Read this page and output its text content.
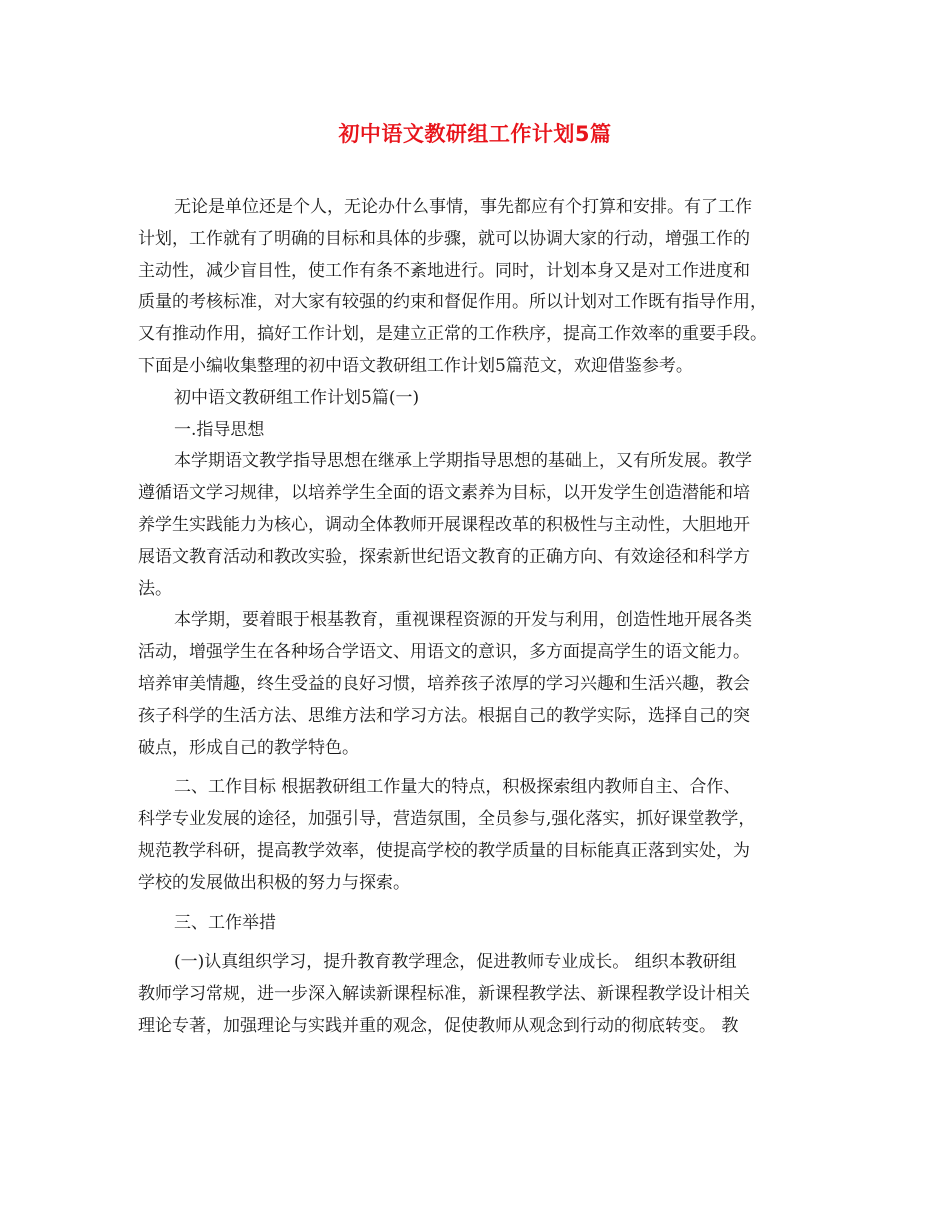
初中语文教研组工作计划5篇
无论是单位还是个人，无论办什么事情，事先都应有个打算和安排。有了工作
计划，工作就有了明确的目标和具体的步骤，就可以协调大家的行动，增强工作的
主动性，减少盲目性，使工作有条不紊地进行。同时，计划本身又是对工作进度和
质量的考核标准，对大家有较强的约束和督促作用。所以计划对工作既有指导作用，
又有推动作用，搞好工作计划，是建立正常的工作秩序，提高工作效率的重要手段。
下面是小编收集整理的初中语文教研组工作计划5篇范文，欢迎借鉴参考。
初中语文教研组工作计划5篇(一)
一.指导思想
本学期语文教学指导思想在继承上学期指导思想的基础上，又有所发展。教学
遵循语文学习规律，以培养学生全面的语文素养为目标，以开发学生创造潜能和培
养学生实践能力为核心，调动全体教师开展课程改革的积极性与主动性，大胆地开
展语文教育活动和教改实验，探索新世纪语文教育的正确方向、有效途径和科学方
法。
本学期，要着眼于根基教育，重视课程资源的开发与利用，创造性地开展各类
活动，增强学生在各种场合学语文、用语文的意识，多方面提高学生的语文能力。
培养审美情趣，终生受益的良好习惯，培养孩子浓厚的学习兴趣和生活兴趣，教会
孩子科学的生活方法、思维方法和学习方法。根据自己的教学实际，选择自己的突
破点，形成自己的教学特色。
二、工作目标 根据教研组工作量大的特点，积极探索组内教师自主、合作、
科学专业发展的途径，加强引导，营造氛围，全员参与,强化落实，抓好课堂教学，
规范教学科研，提高教学效率，使提高学校的教学质量的目标能真正落到实处，为
学校的发展做出积极的努力与探索。
三、工作举措
(一)认真组织学习，提升教育教学理念，促进教师专业成长。 组织本教研组
教师学习常规，进一步深入解读新课程标准，新课程教学法、新课程教学设计相关
理论专著，加强理论与实践并重的观念，促使教师从观念到行动的彻底转变。 教
